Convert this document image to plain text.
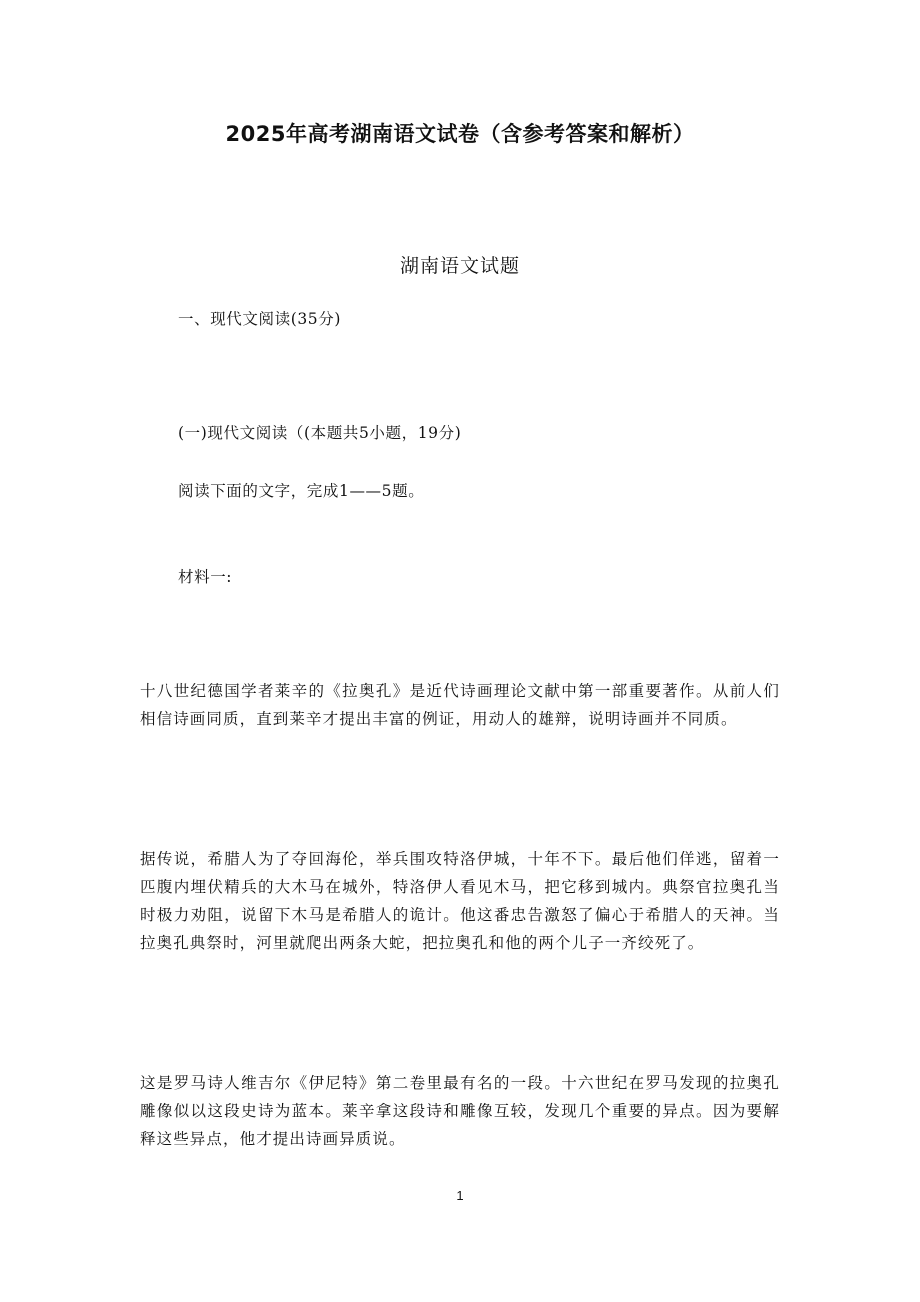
2025年高考湖南语文试卷（含参考答案和解析）
湖南语文试题

一、现代文阅读(35分)

(一)现代文阅读（(本题共5小题，19分)

阅读下面的文字，完成1——5题。

材料一:

十八世纪德国学者莱辛的《拉奥孔》是近代诗画理论文献中第一部重要著作。从前人们相信诗画同质，直到莱辛才提出丰富的例证，用动人的雄辩，说明诗画并不同质。

据传说，希腊人为了夺回海伦，举兵围攻特洛伊城，十年不下。最后他们佯逃，留着一匹腹内埋伏精兵的大木马在城外，特洛伊人看见木马，把它移到城内。典祭官拉奥孔当时极力劝阻，说留下木马是希腊人的诡计。他这番忠告激怒了偏心于希腊人的天神。当拉奥孔典祭时，河里就爬出两条大蛇，把拉奥孔和他的两个儿子一齐绞死了。

这是罗马诗人维吉尔《伊尼特》第二卷里最有名的一段。十六世纪在罗马发现的拉奥孔雕像似以这段史诗为蓝本。莱辛拿这段诗和雕像互较，发现几个重要的异点。因为要解释这些异点，他才提出诗画异质说。

1
